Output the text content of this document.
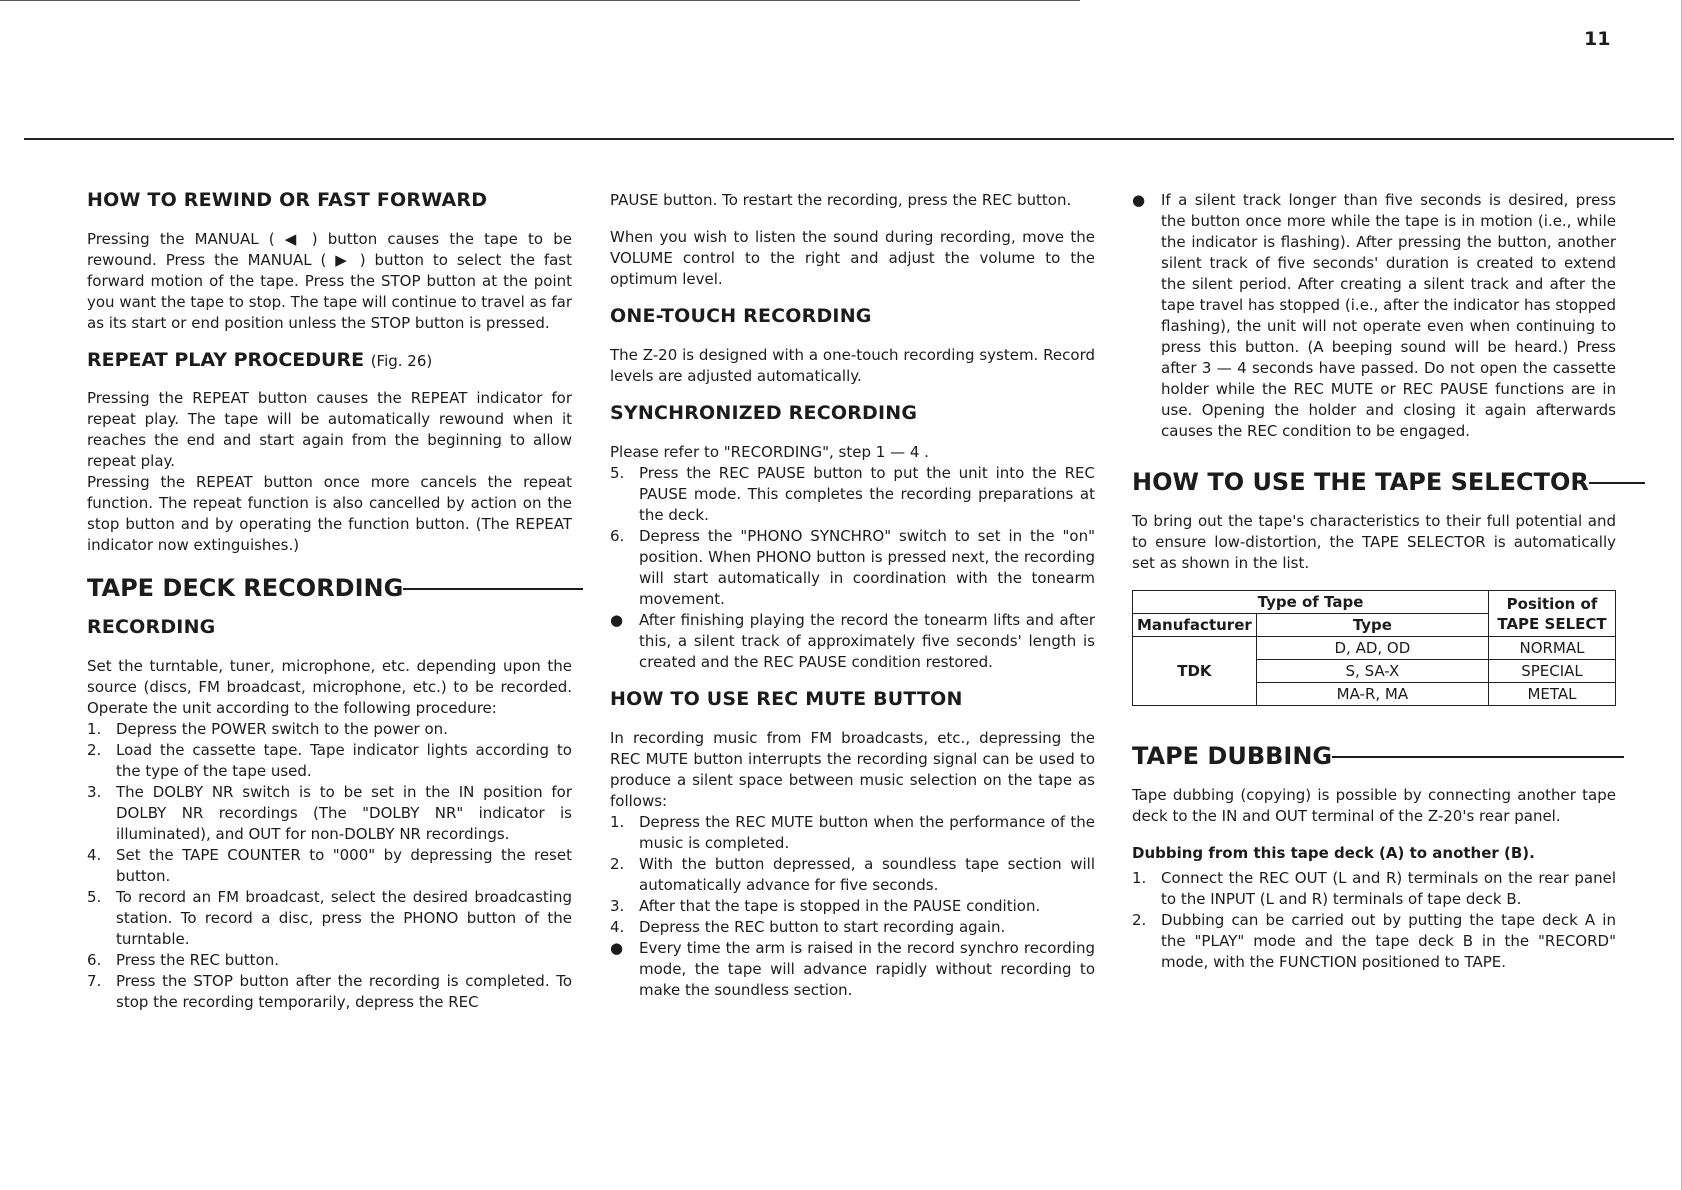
11
HOW TO REWIND OR FAST FORWARD

Pressing the MANUAL ( ◀ ) button causes the tape to be rewound. Press the MANUAL ( ▶ ) button to select the fast forward motion of the tape. Press the STOP button at the point you want the tape to stop. The tape will continue to travel as far as its start or end position unless the STOP button is pressed.

REPEAT PLAY PROCEDURE (Fig. 26)

Pressing the REPEAT button causes the REPEAT indicator for repeat play. The tape will be automatically rewound when it reaches the end and start again from the beginning to allow repeat play.

Pressing the REPEAT button once more cancels the repeat function. The repeat function is also cancelled by action on the stop button and by operating the function button. (The REPEAT indicator now extinguishes.)

TAPE DECK RECORDING
RECORDING

Set the turntable, tuner, microphone, etc. depending upon the source (discs, FM broadcast, microphone, etc.) to be recorded. Operate the unit according to the following procedure:

1. Depress the POWER switch to the power on.
2. Load the cassette tape. Tape indicator lights according to the type of the tape used.
3. The DOLBY NR switch is to be set in the IN position for DOLBY NR recordings (The "DOLBY NR" indicator is illuminated), and OUT for non-DOLBY NR recordings.
4. Set the TAPE COUNTER to "000" by depressing the reset button.
5. To record an FM broadcast, select the desired broadcasting station. To record a disc, press the PHONO button of the turntable.
6. Press the REC button.
7. Press the STOP button after the recording is completed. To stop the recording temporarily, depress the REC

PAUSE button. To restart the recording, press the REC button.

When you wish to listen the sound during recording, move the VOLUME control to the right and adjust the volume to the optimum level.

ONE-TOUCH RECORDING

The Z-20 is designed with a one-touch recording system. Record levels are adjusted automatically.

SYNCHRONIZED RECORDING

Please refer to "RECORDING", step 1 — 4 .

5. Press the REC PAUSE button to put the unit into the REC PAUSE mode. This completes the recording preparations at the deck.
6. Depress the "PHONO SYNCHRO" switch to set in the "on" position. When PHONO button is pressed next, the recording will start automatically in coordination with the tonearm movement.
●	After finishing playing the record the tonearm lifts and after this, a silent track of approximately five seconds' length is created and the REC PAUSE condition restored.
HOW TO USE REC MUTE BUTTON

In recording music from FM broadcasts, etc., depressing the REC MUTE button interrupts the recording signal can be used to produce a silent space between music selection on the tape as follows:

1. Depress the REC MUTE button when the performance of the music is completed.
2. With the button depressed, a soundless tape section will automatically advance for five seconds.
3. After that the tape is stopped in the PAUSE condition.
4. Depress the REC button to start recording again.
●	Every time the arm is raised in the record synchro recording mode, the tape will advance rapidly without recording to make the soundless section.
●	If a silent track longer than five seconds is desired, press the button once more while the tape is in motion (i.e., while the indicator is flashing). After pressing the button, another silent track of five seconds' duration is created to extend the silent period. After creating a silent track and after the tape travel has stopped (i.e., after the indicator has stopped flashing), the unit will not operate even when continuing to press this button. (A beeping sound will be heard.) Press after 3 — 4 seconds have passed. Do not open the cassette holder while the REC MUTE or REC PAUSE functions are in use. Opening the holder and closing it again afterwards causes the REC condition to be engaged.
HOW TO USE THE TAPE SELECTOR

To bring out the tape's characteristics to their full potential and to ensure low-distortion, the TAPE SELECTOR is automatically set as shown in the list.

Type of Tape		Position of
TAPE SELECT
Manufacturer	Type	
TDK	D, AD, OD	NORMAL
	S, SA-X	SPECIAL
	MA-R, MA	METAL
TAPE DUBBING

Tape dubbing (copying) is possible by connecting another tape deck to the IN and OUT terminal of the Z-20's rear panel.

Dubbing from this tape deck (A) to another (B).
1. Connect the REC OUT (L and R) terminals on the rear panel to the INPUT (L and R) terminals of tape deck B.
2. Dubbing can be carried out by putting the tape deck A in the "PLAY" mode and the tape deck B in the "RECORD" mode, with the FUNCTION positioned to TAPE.
